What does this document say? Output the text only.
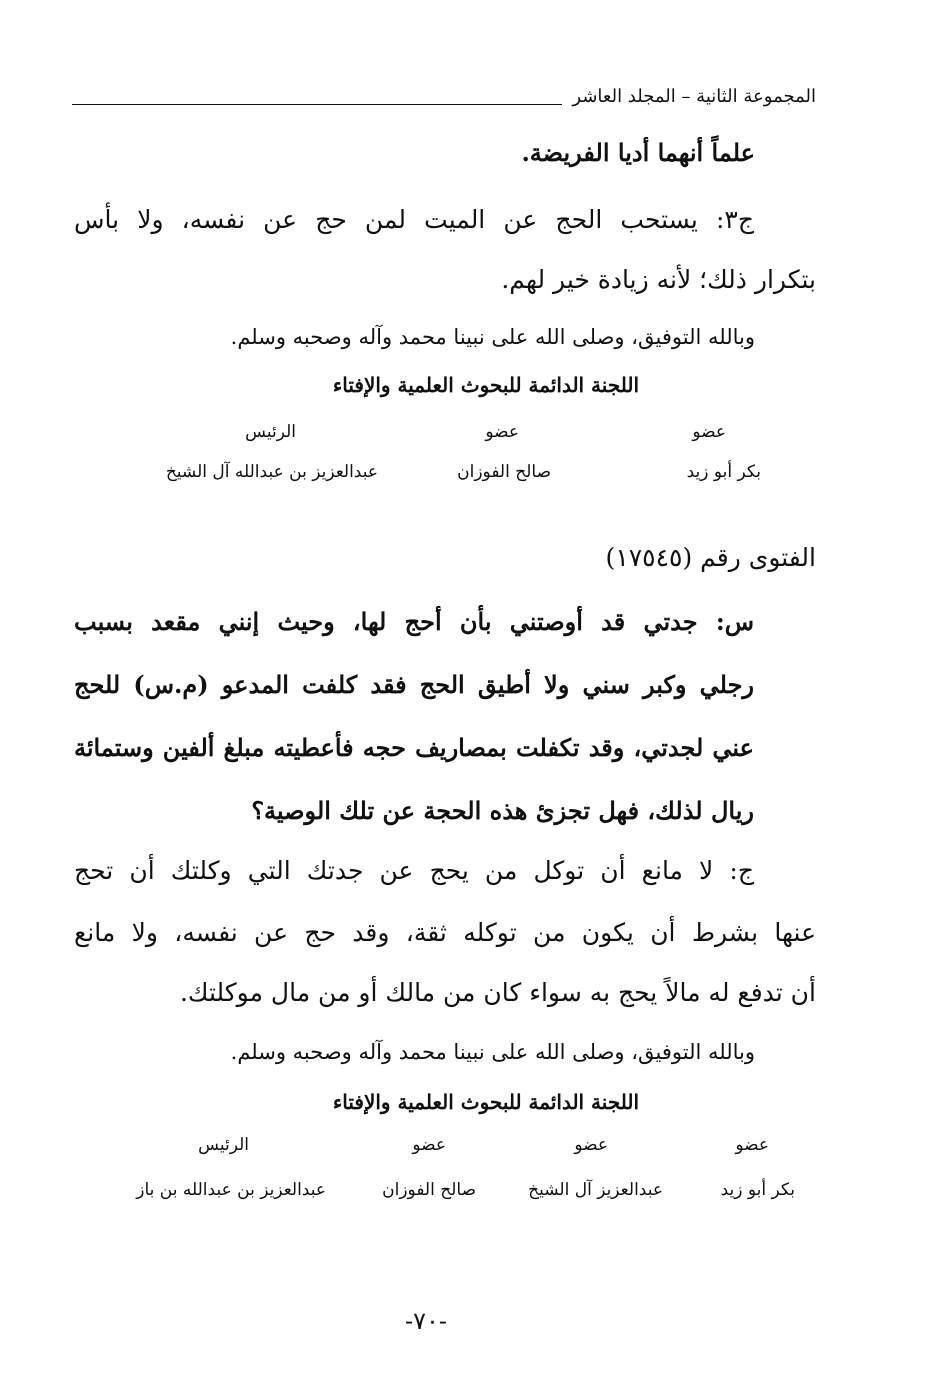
المجموعة الثانية – المجلد العاشر
علماً أنهما أديا الفريضة.
ج٣: يستحب الحج عن الميت لمن حج عن نفسه، ولا بأس
بتكرار ذلك؛ لأنه زيادة خير لهم.
وبالله التوفيق، وصلى الله على نبينا محمد وآله وصحبه وسلم.
اللجنة الدائمة للبحوث العلمية والإفتاء
عضو
بكر أبو زيد
عضو
صالح الفوزان
الرئيس
عبدالعزيز بن عبدالله آل الشيخ
الفتوى رقم (١٧٥٤٥)
س: جدتي قد أوصتني بأن أحج لها، وحيث إنني مقعد بسبب
رجلي وكبر سني ولا أطيق الحج فقد كلفت المدعو (م.س) للحج
عني لجدتي، وقد تكفلت بمصاريف حجه فأعطيته مبلغ ألفين وستمائة
ريال لذلك، فهل تجزئ هذه الحجة عن تلك الوصية؟
ج: لا مانع أن توكل من يحج عن جدتك التي وكلتك أن تحج
عنها بشرط أن يكون من توكله ثقة، وقد حج عن نفسه، ولا مانع
أن تدفع له مالاً يحج به سواء كان من مالك أو من مال موكلتك.
وبالله التوفيق، وصلى الله على نبينا محمد وآله وصحبه وسلم.
اللجنة الدائمة للبحوث العلمية والإفتاء
عضو
بكر أبو زيد
عضو
عبدالعزيز آل الشيخ
عضو
صالح الفوزان
الرئيس
عبدالعزيز بن عبدالله بن باز
-٧٠-
